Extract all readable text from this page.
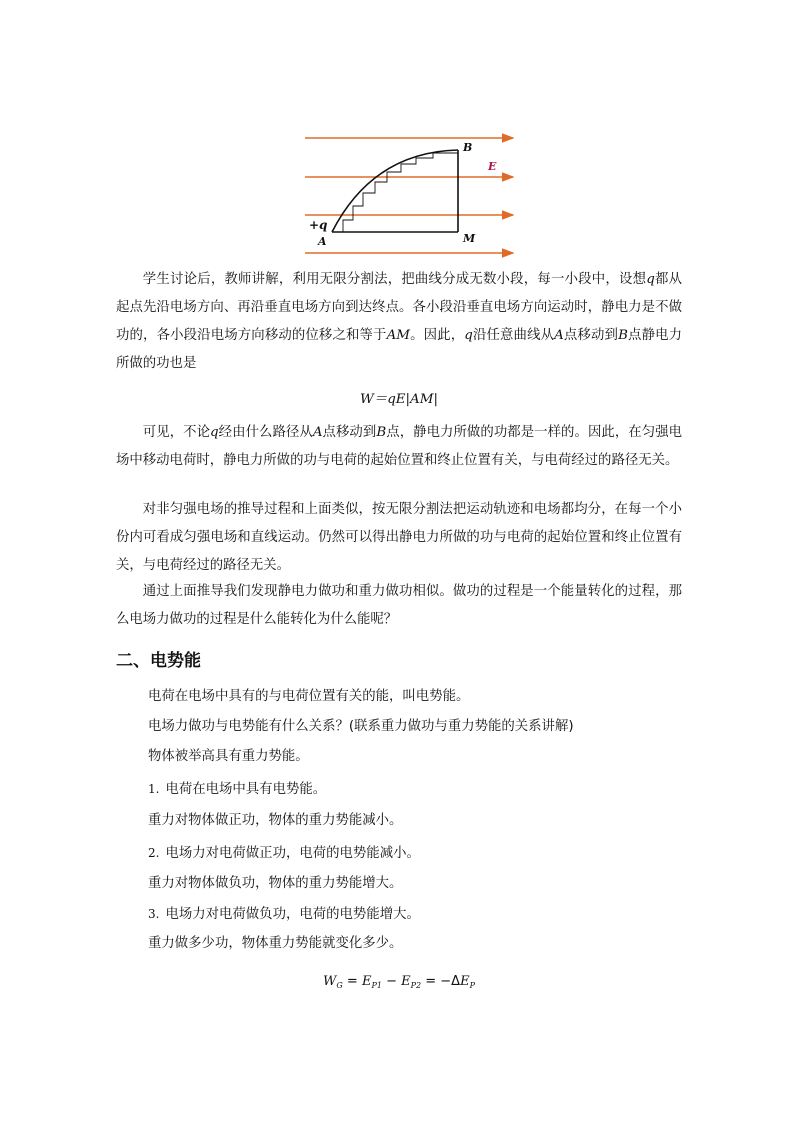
B
E
+q
A	M

学生讨论后，教师讲解，利用无限分割法，把曲线分成无数小段，每一小段中，设想q都从起点先沿电场方向、再沿垂直电场方向到达终点。各小段沿垂直电场方向运动时，静电力是不做功的，各小段沿电场方向移动的位移之和等于AM。因此，q沿任意曲线从A点移动到B点静电力所做的功也是

W＝qE|AM|

可见，不论q经由什么路径从A点移动到B点，静电力所做的功都是一样的。因此，在匀强电场中移动电荷时，静电力所做的功与电荷的起始位置和终止位置有关，与电荷经过的路径无关。

对非匀强电场的推导过程和上面类似，按无限分割法把运动轨迹和电场都均分，在每一个小份内可看成匀强电场和直线运动。仍然可以得出静电力所做的功与电荷的起始位置和终止位置有关，与电荷经过的路径无关。

通过上面推导我们发现静电力做功和重力做功相似。做功的过程是一个能量转化的过程，那么电场力做功的过程是什么能转化为什么能呢？

二、电势能

电荷在电场中具有的与电荷位置有关的能，叫电势能。

电场力做功与电势能有什么关系？(联系重力做功与重力势能的关系讲解)

物体被举高具有重力势能。

1. 电荷在电场中具有电势能。

重力对物体做正功，物体的重力势能减小。

2. 电场力对电荷做正功，电荷的电势能减小。

重力对物体做负功，物体的重力势能增大。

3. 电场力对电荷做负功，电荷的电势能增大。

重力做多少功，物体重力势能就变化多少。

$W_G = E_{P1} - E_{P2} = -\Delta E_P$
